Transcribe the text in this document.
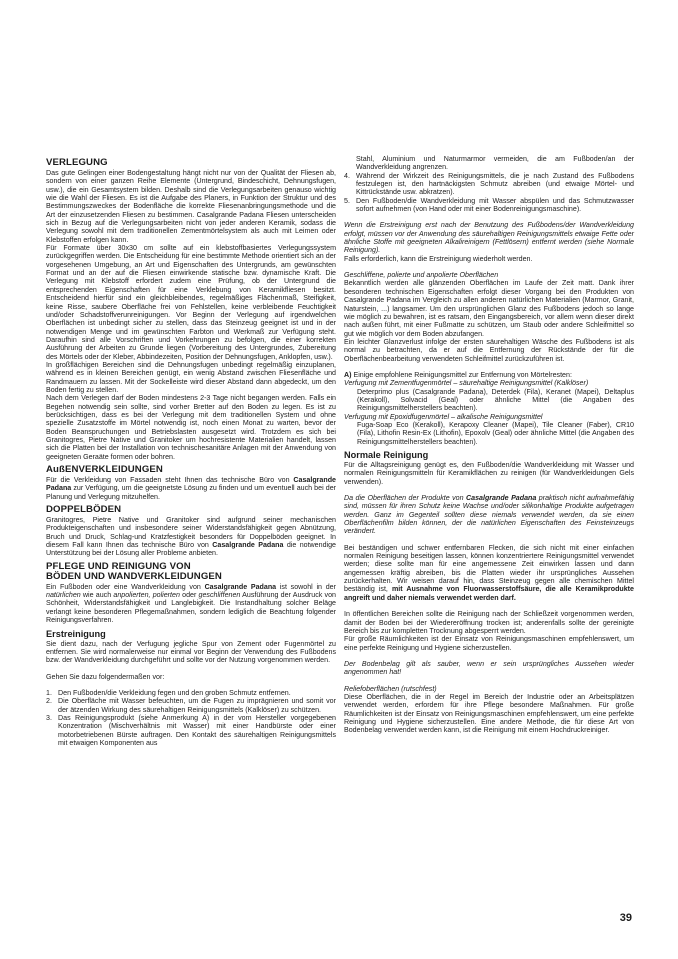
VERLEGUNG

Das gute Gelingen einer Bodengestaltung hängt nicht nur von der Qualität der Fliesen ab, sondern von einer ganzen Reihe Elemente (Untergrund, Bindeschicht, Dehnungsfugen, usw.), die ein Gesamtsystem bilden. Deshalb sind die Verlegungsarbeiten genauso wichtig wie die Wahl der Fliesen. Es ist die Aufgabe des Planers, in Funktion der Struktur und des Bestimmungszweckes der Bodenfläche die korrekte Fliesenanbringungsmethode und die Art der einzusetzenden Fliesen zu bestimmen. Casalgrande Padana Fliesen unterscheiden sich in Bezug auf die Verlegungsarbeiten nicht von jeder anderen Keramik, sodass die Verlegung sowohl mit dem traditionellen Zementmörtelsystem als auch mit Leimen oder Klebstoffen erfolgen kann.

Für Formate über 30x30 cm sollte auf ein klebstoffbasiertes Verlegungssystem zurückgegriffen werden. Die Entscheidung für eine bestimmte Methode orientiert sich an der vorgesehenen Umgebung, an Art und Eigenschaften des Untergrunds, am gewünschten Format und an der auf die Fliesen einwirkende statische bzw. dynamische Kraft. Die Verlegung mit Klebstoff erfordert zudem eine Prüfung, ob der Untergrund die entsprechenden Eigenschaften für eine Verklebung von Keramikfliesen besitzt. Entscheidend hierfür sind ein gleichbleibendes, regelmäßiges Flächenmaß, Steifigkeit, keine Risse, saubere Oberfläche frei von Fehlstellen, keine verbleibende Feuchtigkeit und/oder Schadstoffverunreinigungen. Vor Beginn der Verlegung auf irgendwelchen Oberflächen ist unbedingt sicher zu stellen, dass das Steinzeug geeignet ist und in der notwendigen Menge und im gewünschten Farbton und Werkmaß zur Verfügung steht. Daraufhin sind alle Vorschriften und Vorkehrungen zu befolgen, die einer korrekten Ausführung der Arbeiten zu Grunde liegen (Vorbereitung des Untergrundes, Zubereitung des Mörtels oder der Kleber, Abbindezeiten, Position der Dehnungsfugen, Anklopfen, usw.).

In großflächigen Bereichen sind die Dehnungsfugen unbedingt regelmäßig einzuplanen, während es in kleinen Bereichen genügt, ein wenig Abstand zwischen Fliesenfläche und Randmauern zu lassen. Mit der Sockelleiste wird dieser Abstand dann abgedeckt, um den Boden fertig zu stellen.

Nach dem Verlegen darf der Boden mindestens 2-3 Tage nicht begangen werden. Falls ein Begehen notwendig sein sollte, sind vorher Bretter auf den Boden zu legen. Es ist zu berücksichtigen, dass es bei der Verlegung mit dem traditionellen System und ohne spezielle Zusatzstoffe im Mörtel notwendig ist, noch einen Monat zu warten, bevor der Boden Beanspruchungen und Betriebslasten ausgesetzt wird. Trotzdem es sich bei Granitogres, Pietre Native und Granitoker um hochresistente Materialien handelt, lassen sich die Platten bei der Installation von technischesanitäre Anlagen mit der Anwendung von geeigneten Geraäte formen oder bohren.

AußENVERKLEIDUNGEN

Für die Verkleidung von Fassaden steht Ihnen das technische Büro von Casalgrande Padana zur Verfügung, um die geeignetste Lösung zu finden und um eventuell auch bei der Planung und Verlegung mitzuhelfen.

DOPPELBÖDEN

Granitogres, Pietre Native und Granitoker sind aufgrund seiner mechanischen Produkteigenschaften und insbesondere seiner Widerstandsfähigkeit gegen Abnützung, Bruch und Druck, Schlag-und Kratzfestigkeit besonders für Doppelböden geeignet. In diesem Fall kann Ihnen das technische Büro von Casalgrande Padana die notwendige Unterstützung bei der Lösung aller Probleme anbieten.

PFLEGE UND REINIGUNG VON
BÖDEN UND WANDVERKLEIDUNGEN

Ein Fußboden oder eine Wandverkleidung von Casalgrande Padana ist sowohl in der natürlichen wie auch anpolierten, polierten oder geschliffenen Ausführung der Ausdruck von Schönheit, Widerstandsfähigkeit und Langlebigkeit. Die Instandhaltung solcher Beläge verlangt keine besonderen Pflegemaßnahmen, sondern lediglich die Beachtung folgender Reinigungsverfahren.

Erstreinigung

Sie dient dazu, nach der Verfugung jegliche Spur von Zement oder Fugenmörtel zu entfernen. Sie wird normalerweise nur einmal vor Beginn der Verwendung des Fußbodens bzw. der Wandverkleidung durchgeführt und sollte vor der Nutzung vorgenommen werden.

Gehen Sie dazu folgendermaßen vor:

1. Den Fußboden/die Verkleidung fegen und den groben Schmutz entfernen.
2. Die Oberfläche mit Wasser befeuchten, um die Fugen zu imprägnieren und somit vor der ätzenden Wirkung des säurehaltigen Reinigungsmittels (Kalklöser) zu schützen.
3. Das Reinigungsprodukt (siehe Anmerkung A) in der vom Hersteller vorgegebenen Konzentration (Mischverhältnis mit Wasser) mit einer Handbürste oder einer motorbetriebenen Bürste auftragen. Den Kontakt des säurehaltigen Reinigungsmittels mit etwaigen Komponenten aus
Stahl, Aluminium und Naturmarmor vermeiden, die am Fußboden/an der Wandverkleidung angrenzen.
4. Während der Wirkzeit des Reinigungsmittels, die je nach Zustand des Fußbodens festzulegen ist, den hartnäckigsten Schmutz abreiben (und etwaige Mörtel- und Kittrückstände usw. abkratzen).
5. Den Fußboden/die Wandverkleidung mit Wasser abspülen und das Schmutzwasser sofort aufnehmen (von Hand oder mit einer Bodenreinigungsmaschine).

Wenn die Erstreinigung erst nach der Benutzung des Fußbodens/der Wandverkleidung erfolgt, müssen vor der Anwendung des säurehaltigen Reinigungsmittels etwaige Fette oder ähnliche Stoffe mit geeigneten Alkalireinigern (Fettlösern) entfernt werden (siehe Normale Reinigung).

Falls erforderlich, kann die Erstreinigung wiederholt werden.

Geschliffene, polierte und anpolierte Oberflächen

Bekanntlich werden alle glänzenden Oberflächen im Laufe der Zeit matt. Dank ihrer besonderen technischen Eigenschaften erfolgt dieser Vorgang bei den Produkten von Casalgrande Padana im Vergleich zu allen anderen natürlichen Materialien (Marmor, Granit, Naturstein, ...) langsamer. Um den ursprünglichen Glanz des Fußbodens jedoch so lange wie möglich zu bewahren, ist es ratsam, den Eingangsbereich, vor allem wenn dieser direkt nach außen führt, mit einer Fußmatte zu schützen, um Staub oder andere Schleifmittel so gut wie möglich vor dem Boden abzufangen.

Ein leichter Glanzverlust infolge der ersten säurehaltigen Wäsche des Fußbodens ist als normal zu betrachten, da er auf die Entfernung der Rückstände der für die Oberflächenbearbeitung verwendeten Schleifmittel zurückzuführen ist.

A) Einige empfohlene Reinigungsmittel zur Entfernung von Mörtelresten:

Verfugung mit Zementfugenmörtel – säurehaltige Reinigungsmittel (Kalklöser)

Deterprimo plus (Casalgrande Padana), Deterdek (Fila), Keranet (Mapei), Deltaplus (Kerakoll), Solvacid (Geal) oder ähnliche Mittel (die Angaben des Reinigungsmittelherstellers beachten).

Verfugung mit Epoxidfugenmörtel – alkalische Reinigungsmittel

Fuga-Soap Eco (Kerakoll), Kerapoxy Cleaner (Mapei), Tile Cleaner (Faber), CR10 (Fila), Lithofin Resin-Ex (Lithofin), Epoxolv (Geal) oder ähnliche Mittel (die Angaben des Reinigungsmittelherstellers beachten).

Normale Reinigung

Für die Alltagsreinigung genügt es, den Fußboden/die Wandverkleidung mit Wasser und normalen Reinigungsmitteln für Keramikflächen zu reinigen (für Wandverkleidungen Gels verwenden).

Da die Oberflächen der Produkte von Casalgrande Padana praktisch nicht aufnahmefähig sind, müssen für ihren Schutz keine Wachse und/oder silikonhaltige Produkte aufgetragen werden. Ganz im Gegenteil sollten diese niemals verwendet werden, da sie einen Oberflächenfilm bilden können, der die natürlichen Eigenschaften des Feinsteinzeugs verändert.

Bei beständigen und schwer entfernbaren Flecken, die sich nicht mit einer einfachen normalen Reinigung beseitigen lassen, können konzentriertere Reinigungsmittel verwendet werden; diese sollte man für eine angemessene Zeit einwirken lassen und dann angemessen kräftig abreiben, bis die Platten wieder ihr ursprüngliches Aussehen zurückerhalten. Wir weisen darauf hin, dass Steinzeug gegen alle chemischen Mittel beständig ist, mit Ausnahme von Fluorwasserstoffsäure, die alle Keramikprodukte angreift und daher niemals verwendet werden darf.

In öffentlichen Bereichen sollte die Reinigung nach der Schließzeit vorgenommen werden, damit der Boden bei der Wiedereröffnung trocken ist; anderenfalls sollte der gereinigte Bereich bis zur kompletten Trocknung abgesperrt werden.

Für große Räumlichkeiten ist der Einsatz von Reinigungsmaschinen empfehlenswert, um eine perfekte Reinigung und Hygiene sicherzustellen.

Der Bodenbelag gilt als sauber, wenn er sein ursprüngliches Aussehen wieder angenommen hat!

Reliefoberflächen (rutschfest)

Diese Oberflächen, die in der Regel im Bereich der Industrie oder an Arbeitsplätzen verwendet werden, erfordern für ihre Pflege besondere Maßnahmen. Für große Räumlichkeiten ist der Einsatz von Reinigungsmaschinen empfehlenswert, um eine perfekte Reinigung und Hygiene sicherzustellen. Eine andere Methode, die für diese Art von Bodenbelag verwendet werden kann, ist die Reinigung mit einem Hochdruckreiniger.

39
